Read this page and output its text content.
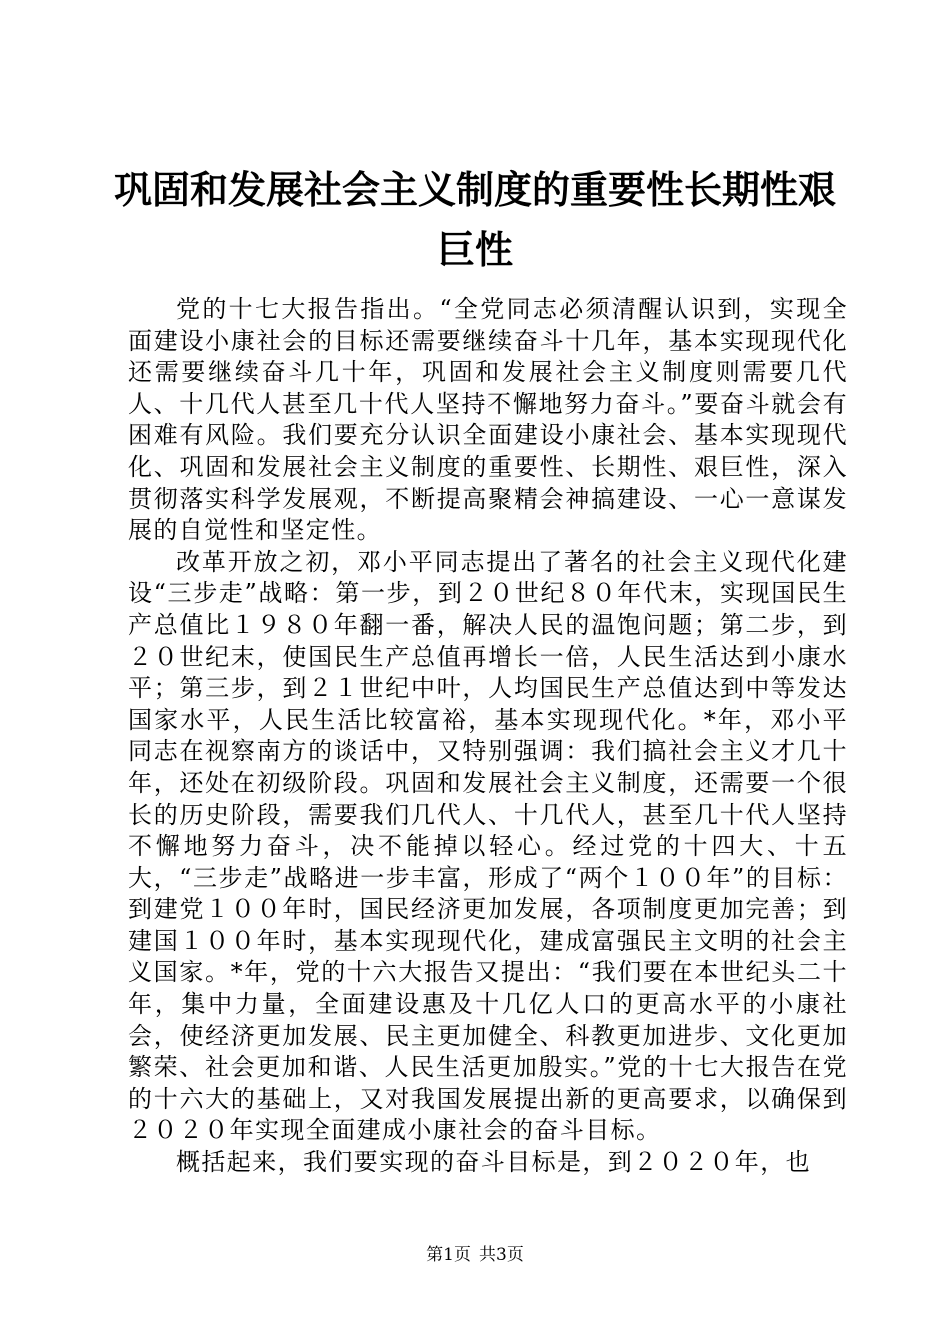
巩固和发展社会主义制度的重要性长期性艰巨性

党的十七大报告指出。“全党同志必须清醒认识到，实现全面建设小康社会的目标还需要继续奋斗十几年，基本实现现代化还需要继续奋斗几十年，巩固和发展社会主义制度则需要几代人、十几代人甚至几十代人坚持不懈地努力奋斗。”要奋斗就会有困难有风险。我们要充分认识全面建设小康社会、基本实现现代化、巩固和发展社会主义制度的重要性、长期性、艰巨性，深入贯彻落实科学发展观，不断提高聚精会神搞建设、一心一意谋发展的自觉性和坚定性。

改革开放之初，邓小平同志提出了著名的社会主义现代化建设“三步走”战略：第一步，到２０世纪８０年代末，实现国民生产总值比１９８０年翻一番，解决人民的温饱问题；第二步，到２０世纪末，使国民生产总值再增长一倍，人民生活达到小康水平；第三步，到２１世纪中叶，人均国民生产总值达到中等发达国家水平，人民生活比较富裕，基本实现现代化。*年，邓小平同志在视察南方的谈话中，又特别强调：我们搞社会主义才几十年，还处在初级阶段。巩固和发展社会主义制度，还需要一个很长的历史阶段，需要我们几代人、十几代人，甚至几十代人坚持不懈地努力奋斗，决不能掉以轻心。经过党的十四大、十五大，“三步走”战略进一步丰富，形成了“两个１００年”的目标：到建党１００年时，国民经济更加发展，各项制度更加完善；到建国１００年时，基本实现现代化，建成富强民主文明的社会主义国家。*年，党的十六大报告又提出：“我们要在本世纪头二十年，集中力量，全面建设惠及十几亿人口的更高水平的小康社会，使经济更加发展、民主更加健全、科教更加进步、文化更加繁荣、社会更加和谐、人民生活更加殷实。”党的十七大报告在党的十六大的基础上，又对我国发展提出新的更高要求，以确保到２０２０年实现全面建成小康社会的奋斗目标。

概括起来，我们要实现的奋斗目标是，到２０２０年，也

第1页 共3页
